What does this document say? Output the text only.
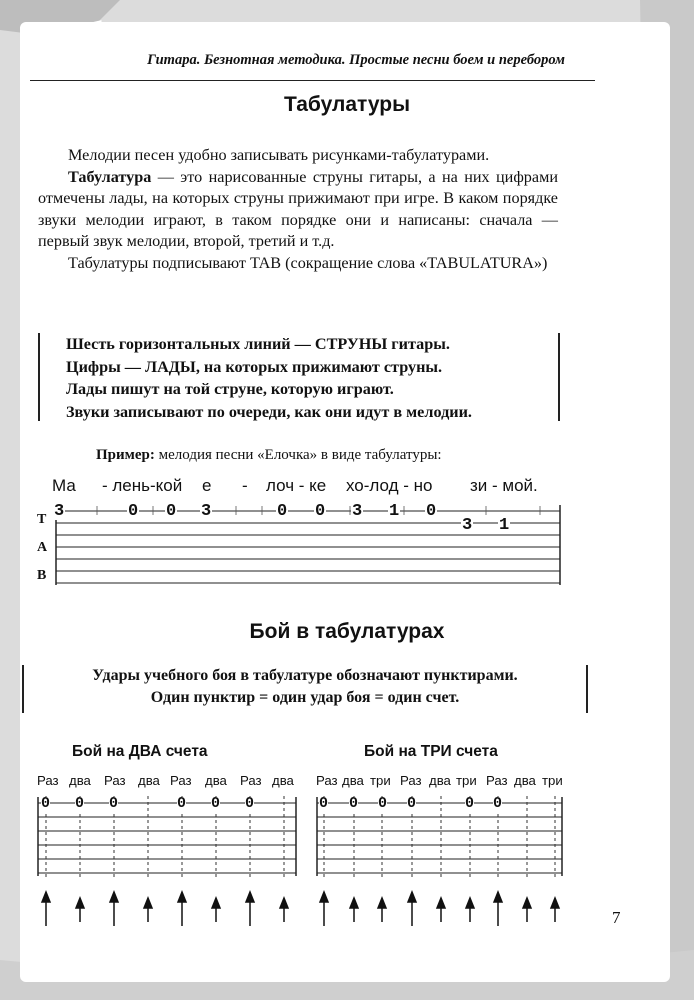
Гитара. Безнотная методика. Простые песни боем и перебором
Табулатуры
Мелодии песен удобно записывать рисунками-табулатурами.
Табулатура — это нарисованные струны гитары, а на них цифрами отмечены лады, на которых струны прижимают при игре. В каком порядке звуки мелодии играют, в таком порядке они и написаны: сначала — первый звук мелодии, второй, третий и т.д.
Табулатуры подписывают TAB (сокращение слова «TABULATURA»)

Шесть горизонтальных линий — СТРУНЫ гитары.

Цифры — ЛАДЫ, на которых прижимают струны.

Лады пишут на той струне, которую играют.

Звуки записывают по очереди, как они идут в мелодии.

Пример: мелодия песни «Елочка» в виде табулатуры:
Ма - лень-кой е - лоч - ке хо-лод - но зи - мой.
T
A
B
3	0 0 3	0 0 3 1 0
3 1
Бой в табулатурах

Удары учебного боя в табулатуре обозначают пунктирами.

Один пунктир = один удар боя = один счет.

Бой на ДВА счета	Бой на ТРИ счета
Раз два Раз два Раз два Раз два Раз два три Раз два три Раз два три
0 0 0	0 0 0	0 0 0 0	0 0
7
